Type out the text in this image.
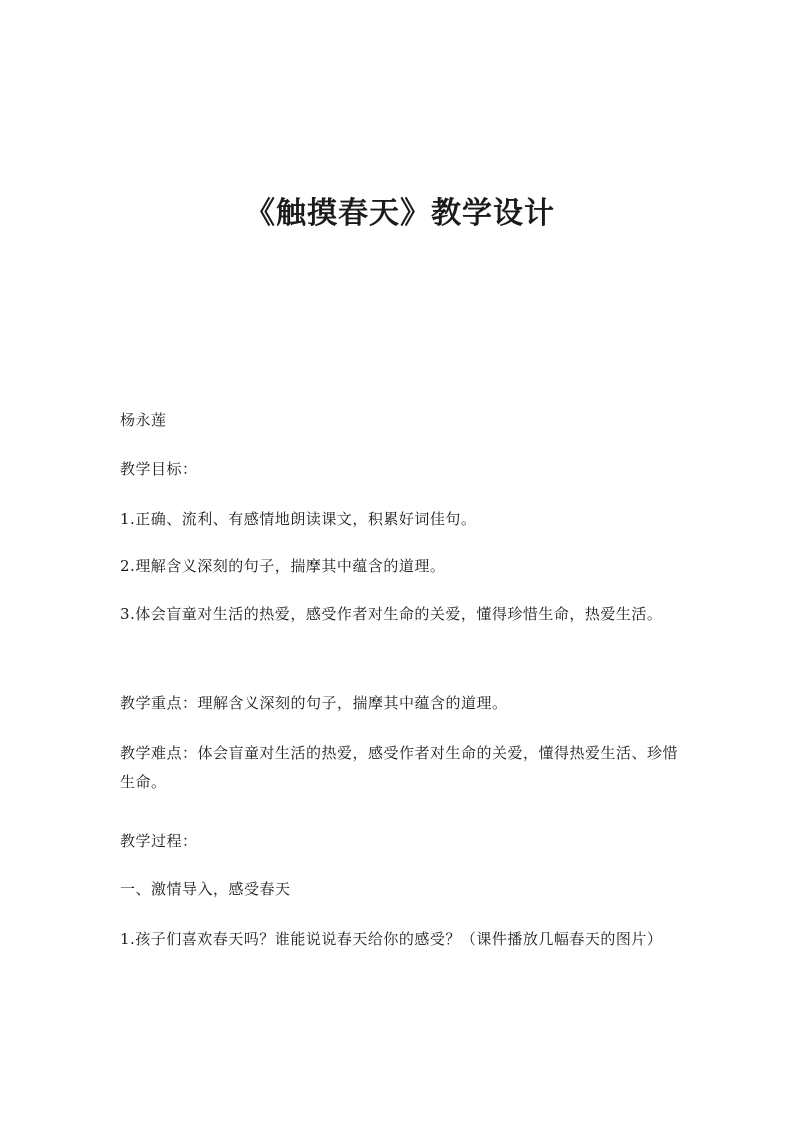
《触摸春天》教学设计

杨永莲

教学目标：

1.正确、流利、有感情地朗读课文，积累好词佳句。

2.理解含义深刻的句子，揣摩其中蕴含的道理。

3.体会盲童对生活的热爱，感受作者对生命的关爱，懂得珍惜生命，热爱生活。

教学重点：理解含义深刻的句子，揣摩其中蕴含的道理。

教学难点：体会盲童对生活的热爱，感受作者对生命的关爱，懂得热爱生活、珍惜生命。

教学过程：

一、激情导入，感受春天

1.孩子们喜欢春天吗？谁能说说春天给你的感受？（课件播放几幅春天的图片）
